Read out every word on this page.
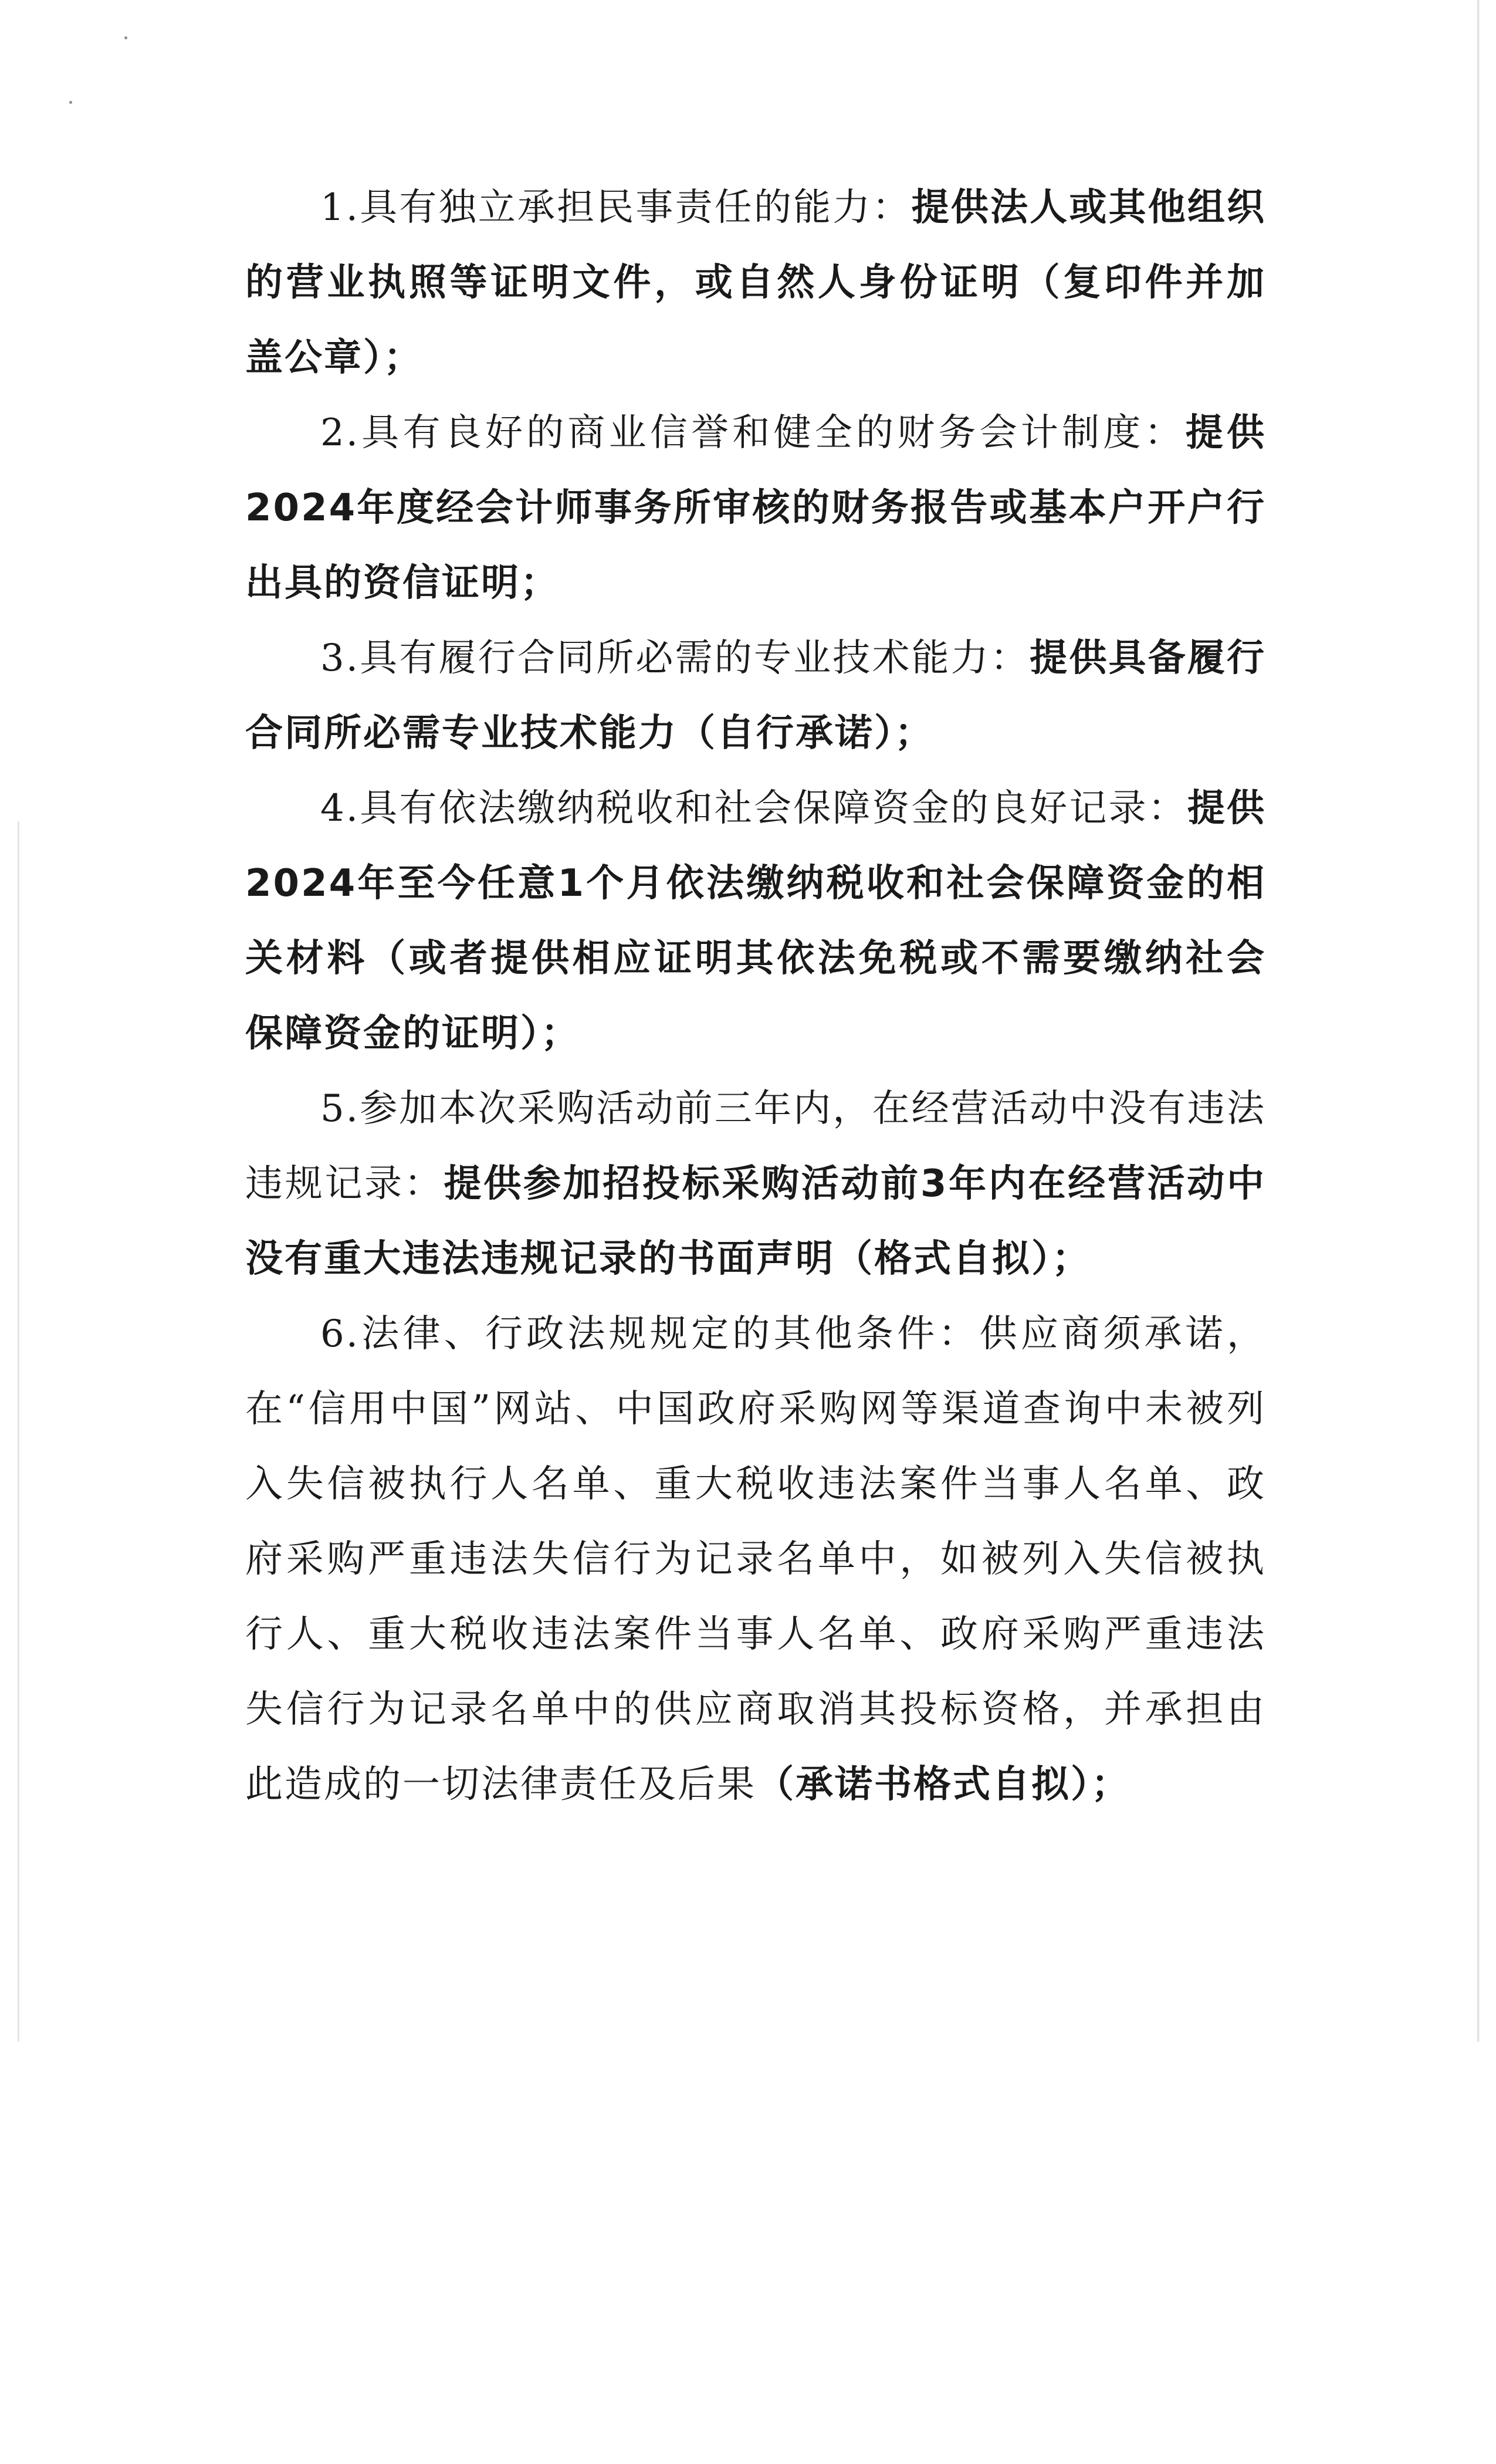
1.具有独立承担民事责任的能力：提供法人或其他组织的营业执照等证明文件，或自然人身份证明（复印件并加盖公章）；

2.具有良好的商业信誉和健全的财务会计制度：提供2024年度经会计师事务所审核的财务报告或基本户开户行出具的资信证明；

3.具有履行合同所必需的专业技术能力：提供具备履行合同所必需专业技术能力（自行承诺）；

4.具有依法缴纳税收和社会保障资金的良好记录：提供2024年至今任意1个月依法缴纳税收和社会保障资金的相关材料（或者提供相应证明其依法免税或不需要缴纳社会保障资金的证明）；

5.参加本次采购活动前三年内，在经营活动中没有违法违规记录：提供参加招投标采购活动前3年内在经营活动中没有重大违法违规记录的书面声明（格式自拟）；

6.法律、行政法规规定的其他条件：供应商须承诺，在“信用中国”网站、中国政府采购网等渠道查询中未被列入失信被执行人名单、重大税收违法案件当事人名单、政府采购严重违法失信行为记录名单中，如被列入失信被执行人、重大税收违法案件当事人名单、政府采购严重违法失信行为记录名单中的供应商取消其投标资格，并承担由此造成的一切法律责任及后果（承诺书格式自拟）；
